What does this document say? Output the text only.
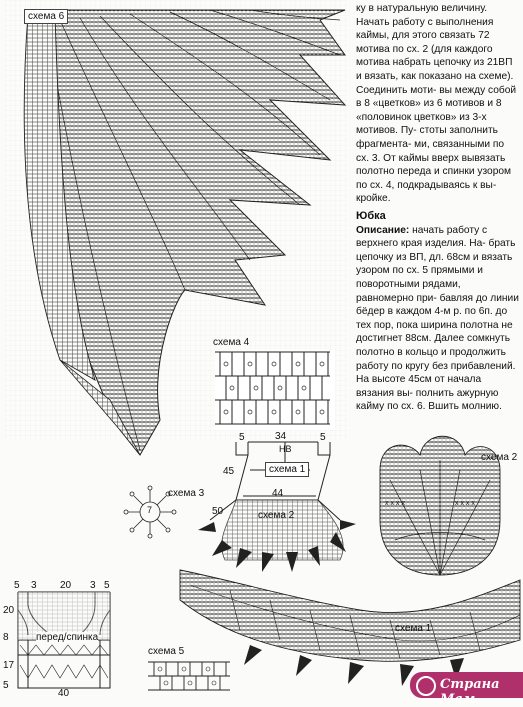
схема 6

ку в натуральную величину. Начать работу с выполнения каймы, для этого связать 72 мотива по сх. 2 (для каждого мотива набрать цепочку из 21ВП и вязать, как показано на схеме). Соединить моти- вы между собой в 8 «цветков» из 6 мотивов и 8 «половинок цветков» из 3-х мотивов. Пу- стоты заполнить фрагмента- ми, связанными по сх. 3. От каймы вверх вывязать полотно переда и спинки узором по сх. 4, подкрадываясь к вы- кройке.

Юбка

Описание: начать работу с верхнего края изделия. На- брать цепочку из ВП, дл. 68см и вязать узором по сх. 5 прямыми и поворотными рядами, равномерно при- бавляя до линии бёдер в каждом 4-м р. по 6п. до тех пор, пока ширина полотна не достигнет 88см. Далее сомкнуть полотно в кольцо и продолжить работу по кругу без прибавлений. На высоте 45см от начала вязания вы- полнить ажурную кайму по сх. 6. Вшить молнию.

схема 4
5	34	5
НВ
45	схема 1
44
50	схема 2
7
схема 3
x x x x	x x x x
схема 2
5 3 20 3 5
20
8
17
5
перед/спинка
40
схема 5
схема 1
Страна Мам
